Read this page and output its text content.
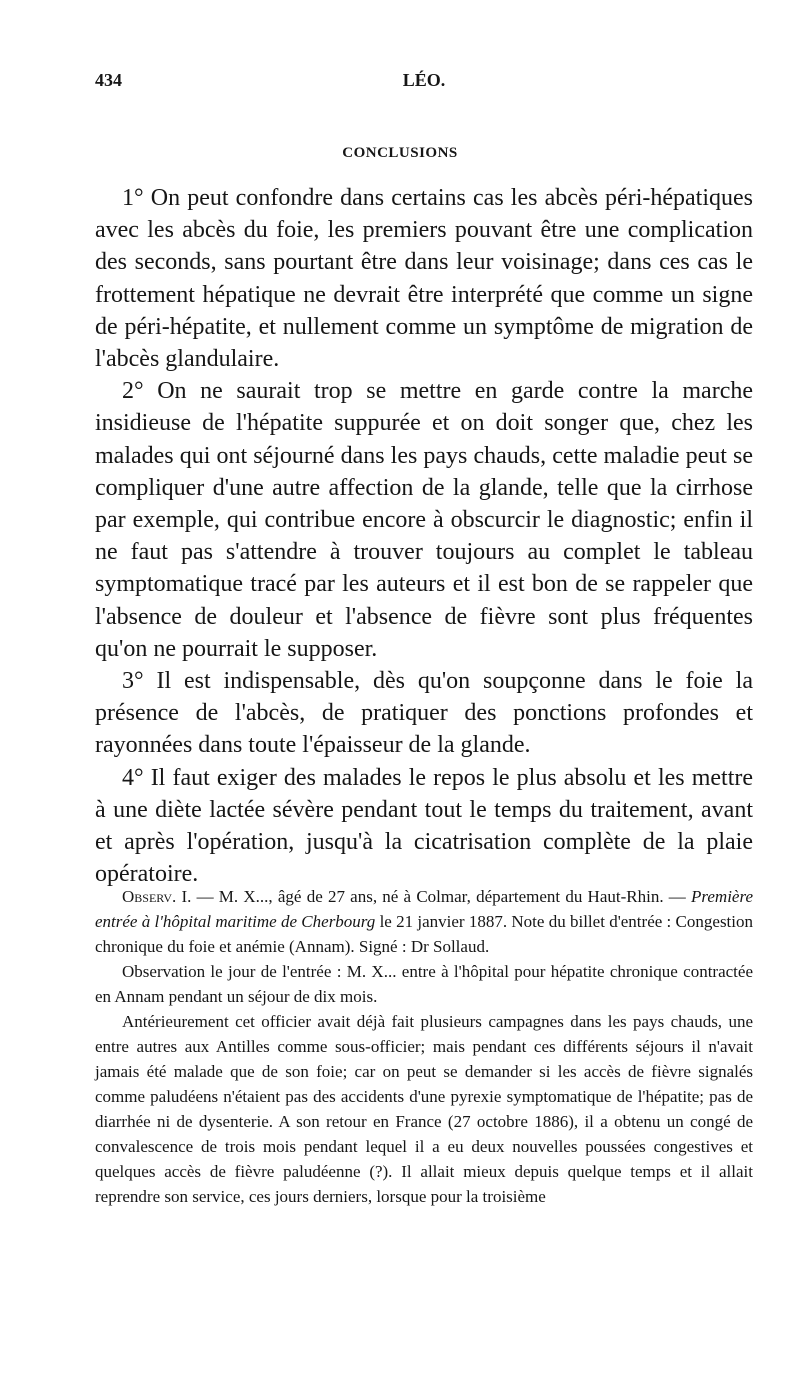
434	LÉO.
CONCLUSIONS

1° On peut confondre dans certains cas les abcès péri-hépatiques avec les abcès du foie, les premiers pouvant être une complication des seconds, sans pourtant être dans leur voisinage; dans ces cas le frottement hépatique ne devrait être interprété que comme un signe de péri-hépatite, et nullement comme un symptôme de migration de l'abcès glandulaire.

2° On ne saurait trop se mettre en garde contre la marche insidieuse de l'hépatite suppurée et on doit songer que, chez les malades qui ont séjourné dans les pays chauds, cette maladie peut se compliquer d'une autre affection de la glande, telle que la cirrhose par exemple, qui contribue encore à obscurcir le diagnostic; enfin il ne faut pas s'attendre à trouver toujours au complet le tableau symptomatique tracé par les auteurs et il est bon de se rappeler que l'absence de douleur et l'absence de fièvre sont plus fréquentes qu'on ne pourrait le supposer.

3° Il est indispensable, dès qu'on soupçonne dans le foie la présence de l'abcès, de pratiquer des ponctions profondes et rayonnées dans toute l'épaisseur de la glande.

4° Il faut exiger des malades le repos le plus absolu et les mettre à une diète lactée sévère pendant tout le temps du traitement, avant et après l'opération, jusqu'à la cicatrisation complète de la plaie opératoire.

Observ. I. — M. X..., âgé de 27 ans, né à Colmar, département du Haut-Rhin. — Première entrée à l'hôpital maritime de Cherbourg le 21 janvier 1887. Note du billet d'entrée : Congestion chronique du foie et anémie (Annam). Signé : Dr Sollaud.

Observation le jour de l'entrée : M. X... entre à l'hôpital pour hépatite chronique contractée en Annam pendant un séjour de dix mois.

Antérieurement cet officier avait déjà fait plusieurs campagnes dans les pays chauds, une entre autres aux Antilles comme sous-officier; mais pendant ces différents séjours il n'avait jamais été malade que de son foie; car on peut se demander si les accès de fièvre signalés comme paludéens n'étaient pas des accidents d'une pyrexie symptomatique de l'hépatite; pas de diarrhée ni de dysenterie. A son retour en France (27 octobre 1886), il a obtenu un congé de convalescence de trois mois pendant lequel il a eu deux nouvelles poussées congestives et quelques accès de fièvre paludéenne (?). Il allait mieux depuis quelque temps et il allait reprendre son service, ces jours derniers, lorsque pour la troisième
